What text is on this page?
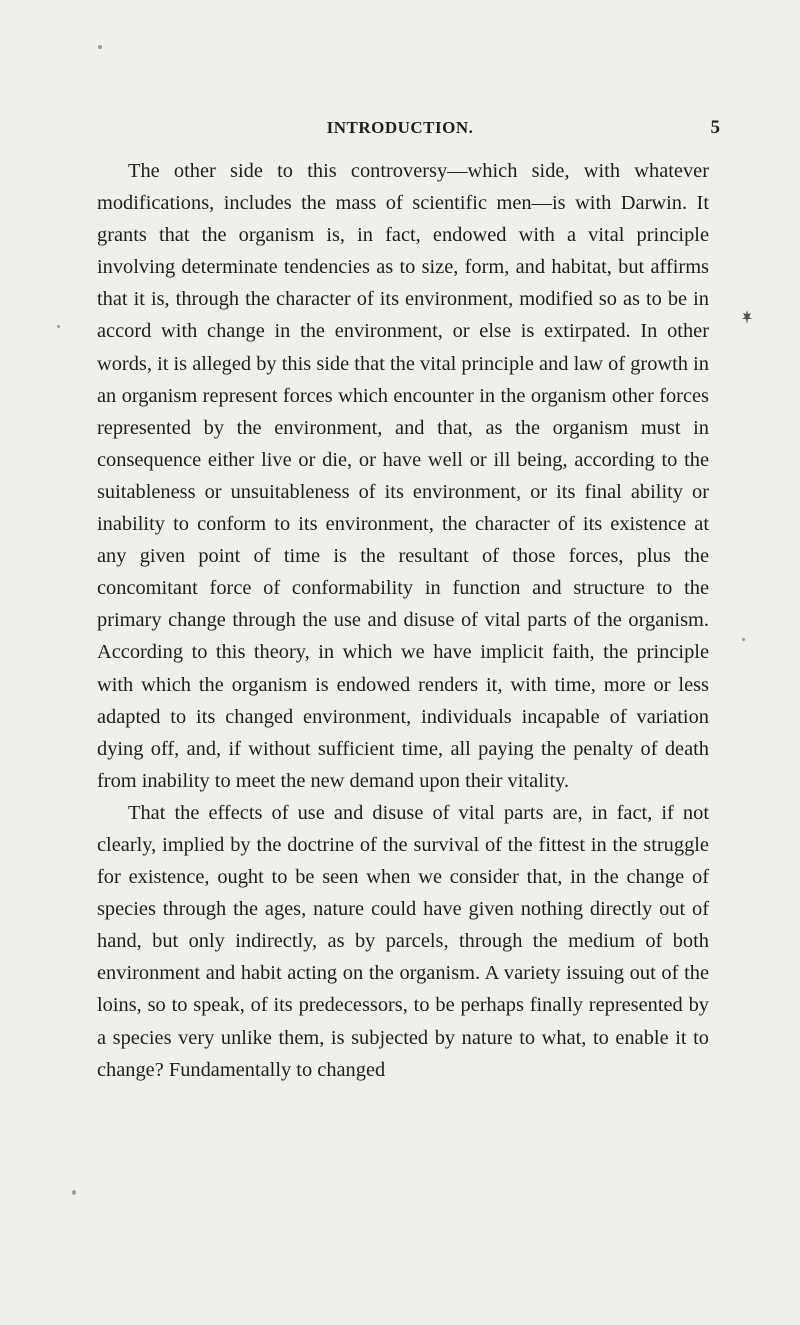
INTRODUCTION.	5

The other side to this controversy—which side, with whatever modifications, includes the mass of scientific men—is with Darwin. It grants that the organism is, in fact, endowed with a vital principle involving determinate tendencies as to size, form, and habitat, but affirms that it is, through the character of its environment, modified so as to be in accord with change in the environment, or else is extirpated. In other words, it is alleged by this side that the vital principle and law of growth in an organism represent forces which encounter in the organism other forces represented by the environment, and that, as the organism must in consequence either live or die, or have well or ill being, according to the suitableness or unsuitableness of its environment, or its final ability or inability to conform to its environment, the character of its existence at any given point of time is the resultant of those forces, plus the concomitant force of conformability in function and structure to the primary change through the use and disuse of vital parts of the organism. According to this theory, in which we have implicit faith, the principle with which the organism is endowed renders it, with time, more or less adapted to its changed environment, individuals incapable of variation dying off, and, if without sufficient time, all paying the penalty of death from inability to meet the new demand upon their vitality.

That the effects of use and disuse of vital parts are, in fact, if not clearly, implied by the doctrine of the survival of the fittest in the struggle for existence, ought to be seen when we consider that, in the change of species through the ages, nature could have given nothing directly out of hand, but only indirectly, as by parcels, through the medium of both environment and habit acting on the organism. A variety issuing out of the loins, so to speak, of its predecessors, to be perhaps finally represented by a species very unlike them, is subjected by nature to what, to enable it to change? Fundamentally to changed
